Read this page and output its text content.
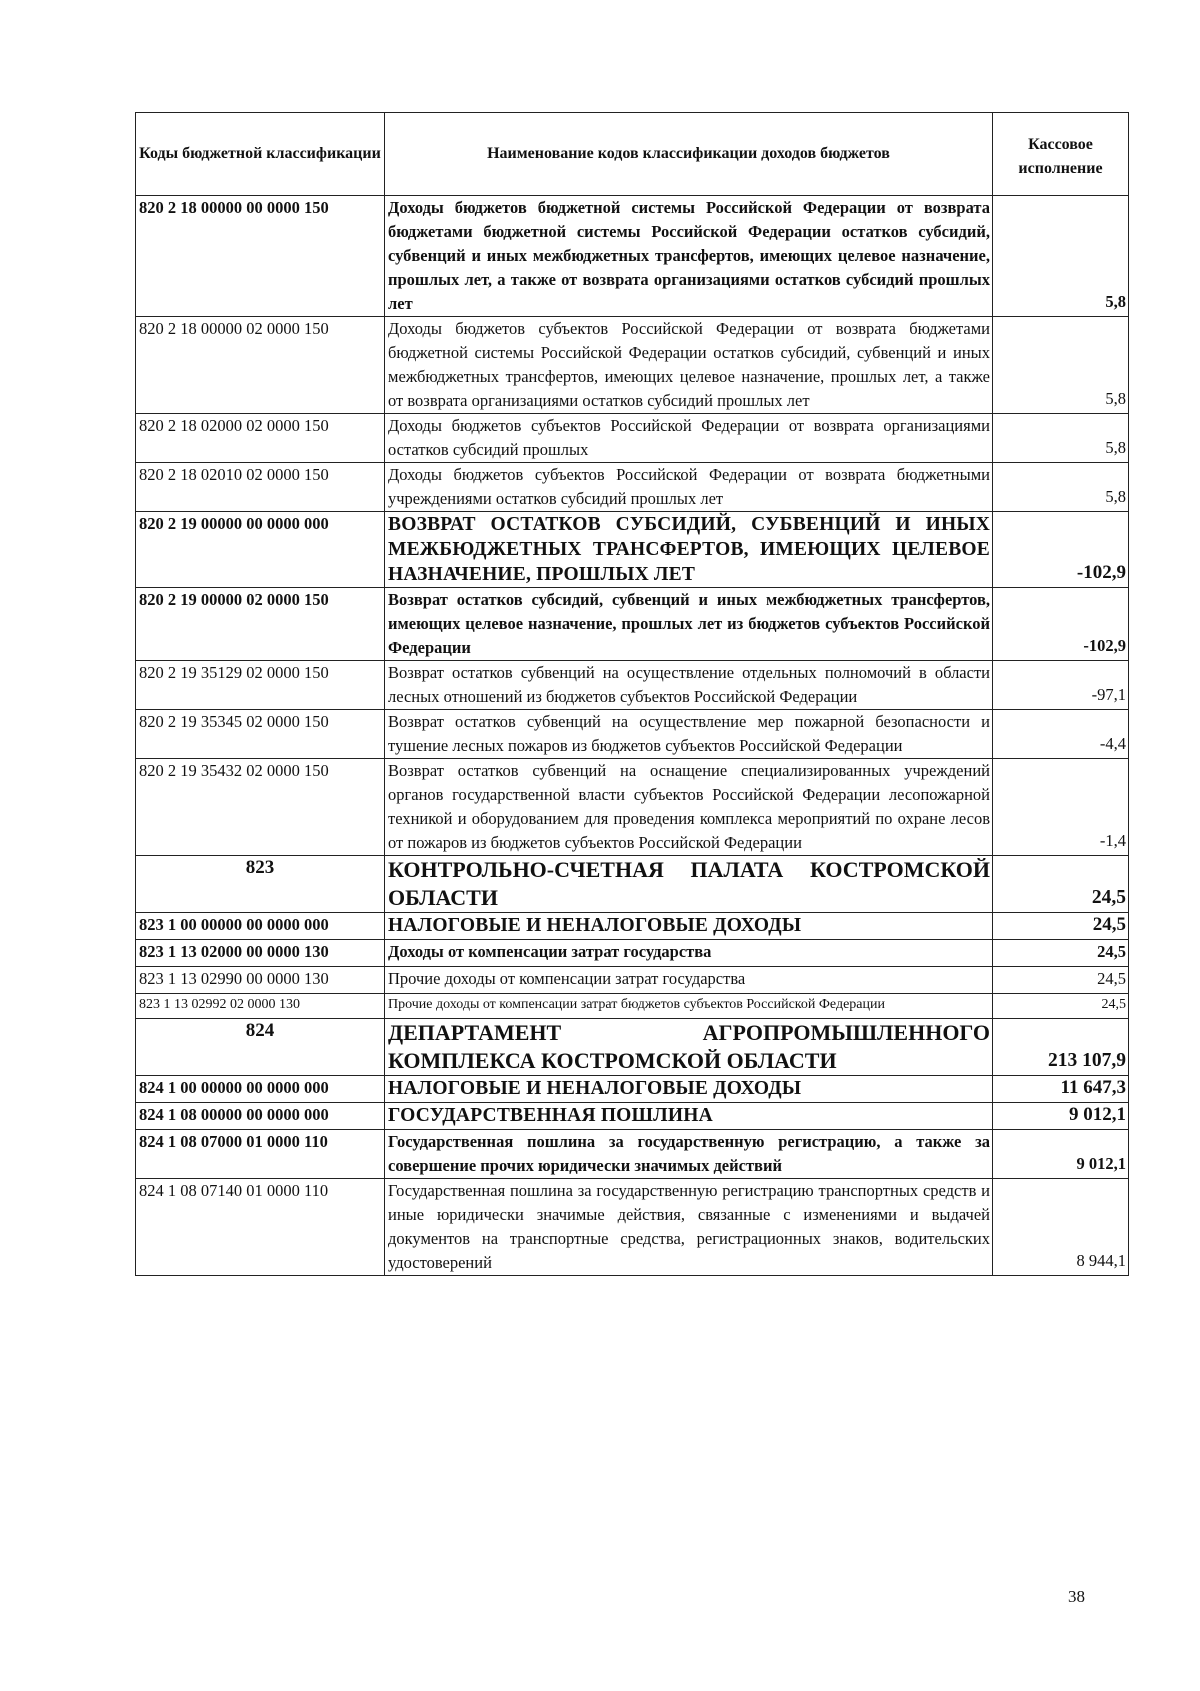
Коды бюджетной классификации	Наименование кодов классификации доходов бюджетов	Кассовое исполнение
820 2 18 00000 00 0000 150	Доходы бюджетов бюджетной системы Российской Федерации от возврата бюджетами бюджетной системы Российской Федерации остатков субсидий, субвенций и иных межбюджетных трансфертов, имеющих целевое назначение, прошлых лет, а также от возврата организациями остатков субсидий прошлых лет	5,8
820 2 18 00000 02 0000 150	Доходы бюджетов субъектов Российской Федерации от возврата бюджетами бюджетной системы Российской Федерации остатков субсидий, субвенций и иных межбюджетных трансфертов, имеющих целевое назначение, прошлых лет, а также от возврата организациями остатков субсидий прошлых лет	5,8
820 2 18 02000 02 0000 150	Доходы бюджетов субъектов Российской Федерации от возврата организациями остатков субсидий прошлых	5,8
820 2 18 02010 02 0000 150	Доходы бюджетов субъектов Российской Федерации от возврата бюджетными учреждениями остатков субсидий прошлых лет	5,8
820 2 19 00000 00 0000 000	ВОЗВРАТ ОСТАТКОВ СУБСИДИЙ, СУБВЕНЦИЙ И ИНЫХ МЕЖБЮДЖЕТНЫХ ТРАНСФЕРТОВ, ИМЕЮЩИХ ЦЕЛЕВОЕ НАЗНАЧЕНИЕ, ПРОШЛЫХ ЛЕТ	-102,9
820 2 19 00000 02 0000 150	Возврат остатков субсидий, субвенций и иных межбюджетных трансфертов, имеющих целевое назначение, прошлых лет из бюджетов субъектов Российской Федерации	-102,9
820 2 19 35129 02 0000 150	Возврат остатков субвенций на осуществление отдельных полномочий в области лесных отношений из бюджетов субъектов Российской Федерации	-97,1
820 2 19 35345 02 0000 150	Возврат остатков субвенций на осуществление мер пожарной безопасности и тушение лесных пожаров из бюджетов субъектов Российской Федерации	-4,4
820 2 19 35432 02 0000 150	Возврат остатков субвенций на оснащение специализированных учреждений органов государственной власти субъектов Российской Федерации лесопожарной техникой и оборудованием для проведения комплекса мероприятий по охране лесов от пожаров из бюджетов субъектов Российской Федерации	-1,4
823	КОНТРОЛЬНО-СЧЕТНАЯ ПАЛАТА КОСТРОМСКОЙ ОБЛАСТИ	24,5
823 1 00 00000 00 0000 000	НАЛОГОВЫЕ И НЕНАЛОГОВЫЕ ДОХОДЫ	24,5
823 1 13 02000 00 0000 130	Доходы от компенсации затрат государства	24,5
823 1 13 02990 00 0000 130	Прочие доходы от компенсации затрат государства	24,5
823 1 13 02992 02 0000 130	Прочие доходы от компенсации затрат бюджетов субъектов Российской Федерации	24,5
824	ДЕПАРТАМЕНТ АГРОПРОМЫШЛЕННОГО КОМПЛЕКСА КОСТРОМСКОЙ ОБЛАСТИ	213 107,9
824 1 00 00000 00 0000 000	НАЛОГОВЫЕ И НЕНАЛОГОВЫЕ ДОХОДЫ	11 647,3
824 1 08 00000 00 0000 000	ГОСУДАРСТВЕННАЯ ПОШЛИНА	9 012,1
824 1 08 07000 01 0000 110	Государственная пошлина за государственную регистрацию, а также за совершение прочих юридически значимых действий	9 012,1
824 1 08 07140 01 0000 110	Государственная пошлина за государственную регистрацию транспортных средств и иные юридически значимые действия, связанные с изменениями и выдачей документов на транспортные средства, регистрационных знаков, водительских удостоверений	8 944,1
38
